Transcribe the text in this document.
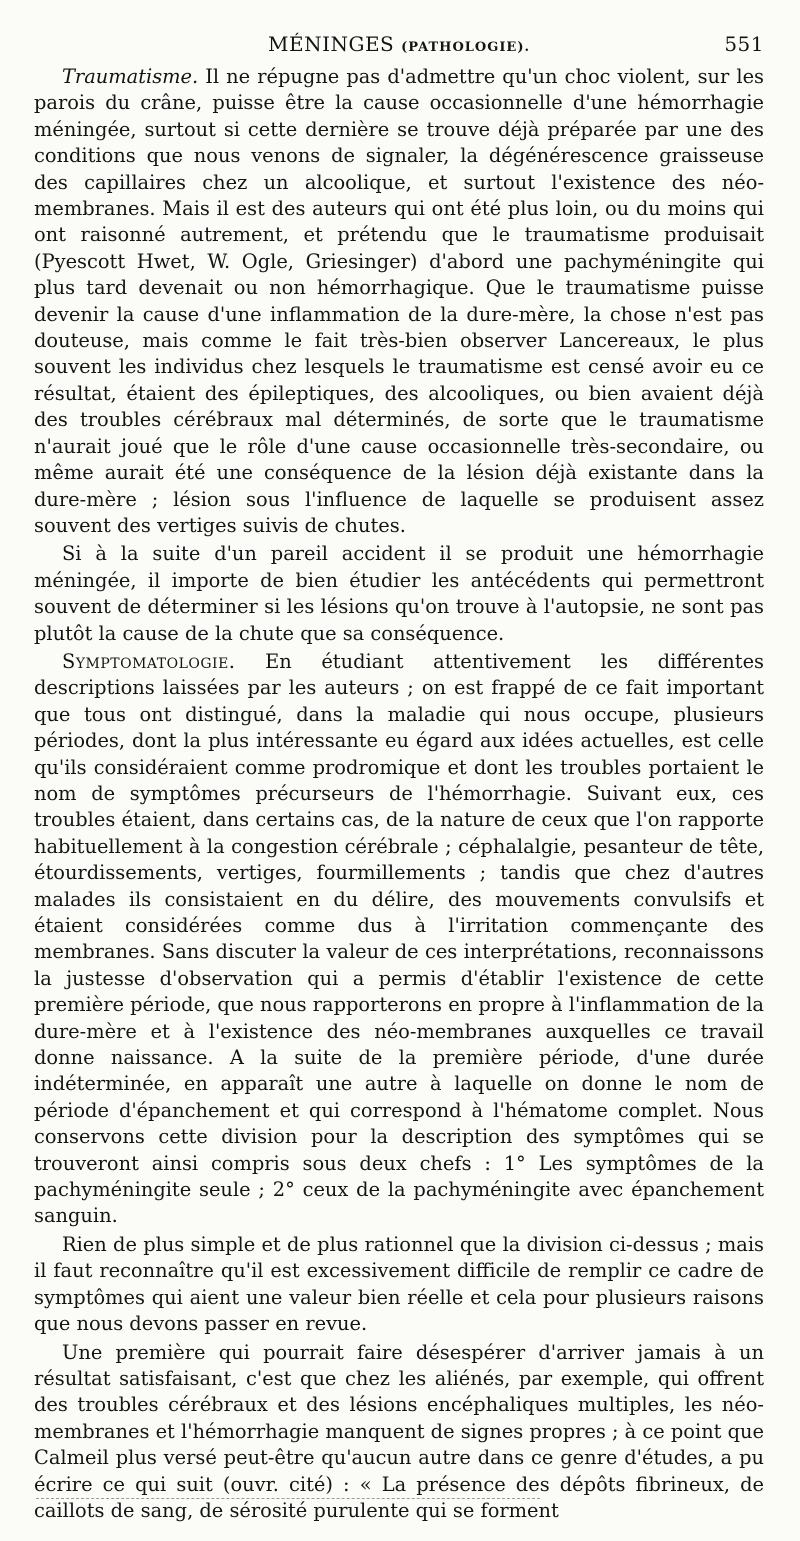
MÉNINGES (PATHOLOGIE).	551

Traumatisme. Il ne répugne pas d'admettre qu'un choc violent, sur les parois du crâne, puisse être la cause occasionnelle d'une hémorrhagie méningée, surtout si cette dernière se trouve déjà préparée par une des conditions que nous venons de signaler, la dégénérescence graisseuse des capillaires chez un alcoolique, et surtout l'existence des néo-membranes. Mais il est des auteurs qui ont été plus loin, ou du moins qui ont raisonné autrement, et prétendu que le traumatisme produisait (Pyescott Hwet, W. Ogle, Griesinger) d'abord une pachyméningite qui plus tard devenait ou non hémorrhagique. Que le traumatisme puisse devenir la cause d'une inflammation de la dure-mère, la chose n'est pas douteuse, mais comme le fait très-bien observer Lancereaux, le plus souvent les individus chez lesquels le traumatisme est censé avoir eu ce résultat, étaient des épileptiques, des alcooliques, ou bien avaient déjà des troubles cérébraux mal déterminés, de sorte que le traumatisme n'aurait joué que le rôle d'une cause occasionnelle très-secondaire, ou même aurait été une conséquence de la lésion déjà existante dans la dure-mère ; lésion sous l'influence de laquelle se produisent assez souvent des vertiges suivis de chutes.

Si à la suite d'un pareil accident il se produit une hémorrhagie méningée, il importe de bien étudier les antécédents qui permettront souvent de déterminer si les lésions qu'on trouve à l'autopsie, ne sont pas plutôt la cause de la chute que sa conséquence.

Symptomatologie. En étudiant attentivement les différentes descriptions laissées par les auteurs ; on est frappé de ce fait important que tous ont distingué, dans la maladie qui nous occupe, plusieurs périodes, dont la plus intéressante eu égard aux idées actuelles, est celle qu'ils considéraient comme prodromique et dont les troubles portaient le nom de symptômes précurseurs de l'hémorrhagie. Suivant eux, ces troubles étaient, dans certains cas, de la nature de ceux que l'on rapporte habituellement à la congestion cérébrale ; céphalalgie, pesanteur de tête, étourdissements, vertiges, fourmillements ; tandis que chez d'autres malades ils consistaient en du délire, des mouvements convulsifs et étaient considérées comme dus à l'irritation commençante des membranes. Sans discuter la valeur de ces interprétations, reconnaissons la justesse d'observation qui a permis d'établir l'existence de cette première période, que nous rapporterons en propre à l'inflammation de la dure-mère et à l'existence des néo-membranes auxquelles ce travail donne naissance. A la suite de la première période, d'une durée indéterminée, en apparaît une autre à laquelle on donne le nom de période d'épanchement et qui correspond à l'hématome complet. Nous conservons cette division pour la description des symptômes qui se trouveront ainsi compris sous deux chefs : 1° Les symptômes de la pachyméningite seule ; 2° ceux de la pachyméningite avec épanchement sanguin.

Rien de plus simple et de plus rationnel que la division ci-dessus ; mais il faut reconnaître qu'il est excessivement difficile de remplir ce cadre de symptômes qui aient une valeur bien réelle et cela pour plusieurs raisons que nous devons passer en revue.

Une première qui pourrait faire désespérer d'arriver jamais à un résultat satisfaisant, c'est que chez les aliénés, par exemple, qui offrent des troubles cérébraux et des lésions encéphaliques multiples, les néo-membranes et l'hémorrhagie manquent de signes propres ; à ce point que Calmeil plus versé peut-être qu'aucun autre dans ce genre d'études, a pu écrire ce qui suit (ouvr. cité) : « La présence des dépôts fibrineux, de caillots de sang, de sérosité purulente qui se forment
